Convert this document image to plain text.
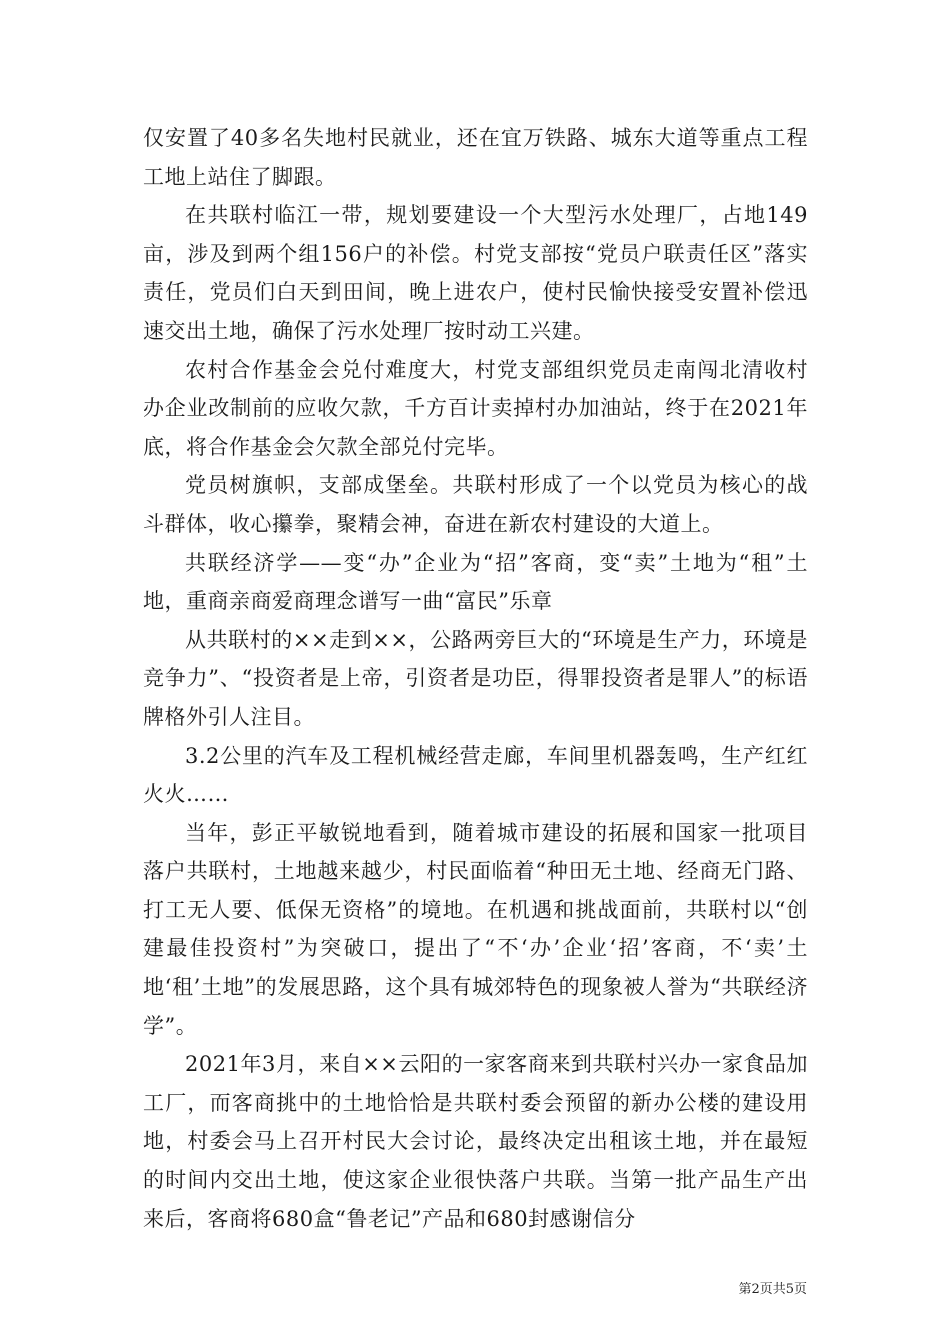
仅安置了40多名失地村民就业，还在宜万铁路、城东大道等重点工程工地上站住了脚跟。

在共联村临江一带，规划要建设一个大型污水处理厂，占地149亩，涉及到两个组156户的补偿。村党支部按“党员户联责任区”落实责任，党员们白天到田间，晚上进农户，使村民愉快接受安置补偿迅速交出土地，确保了污水处理厂按时动工兴建。

农村合作基金会兑付难度大，村党支部组织党员走南闯北清收村办企业改制前的应收欠款，千方百计卖掉村办加油站，终于在2021年底，将合作基金会欠款全部兑付完毕。

党员树旗帜，支部成堡垒。共联村形成了一个以党员为核心的战斗群体，收心攥拳，聚精会神，奋进在新农村建设的大道上。

共联经济学——变“办”企业为“招”客商，变“卖”土地为“租”土地，重商亲商爱商理念谱写一曲“富民”乐章

从共联村的××走到××，公路两旁巨大的“环境是生产力，环境是竞争力”、“投资者是上帝，引资者是功臣，得罪投资者是罪人”的标语牌格外引人注目。

3.2公里的汽车及工程机械经营走廊，车间里机器轰鸣，生产红红火火……

当年，彭正平敏锐地看到，随着城市建设的拓展和国家一批项目落户共联村，土地越来越少，村民面临着“种田无土地、经商无门路、打工无人要、低保无资格”的境地。在机遇和挑战面前，共联村以“创建最佳投资村”为突破口，提出了“不‘办’企业‘招’客商，不‘卖’土地‘租’土地”的发展思路，这个具有城郊特色的现象被人誉为“共联经济学”。

2021年3月，来自××云阳的一家客商来到共联村兴办一家食品加工厂，而客商挑中的土地恰恰是共联村委会预留的新办公楼的建设用地，村委会马上召开村民大会讨论，最终决定出租该土地，并在最短的时间内交出土地，使这家企业很快落户共联。当第一批产品生产出来后，客商将680盒“鲁老记”产品和680封感谢信分

第2页共5页
